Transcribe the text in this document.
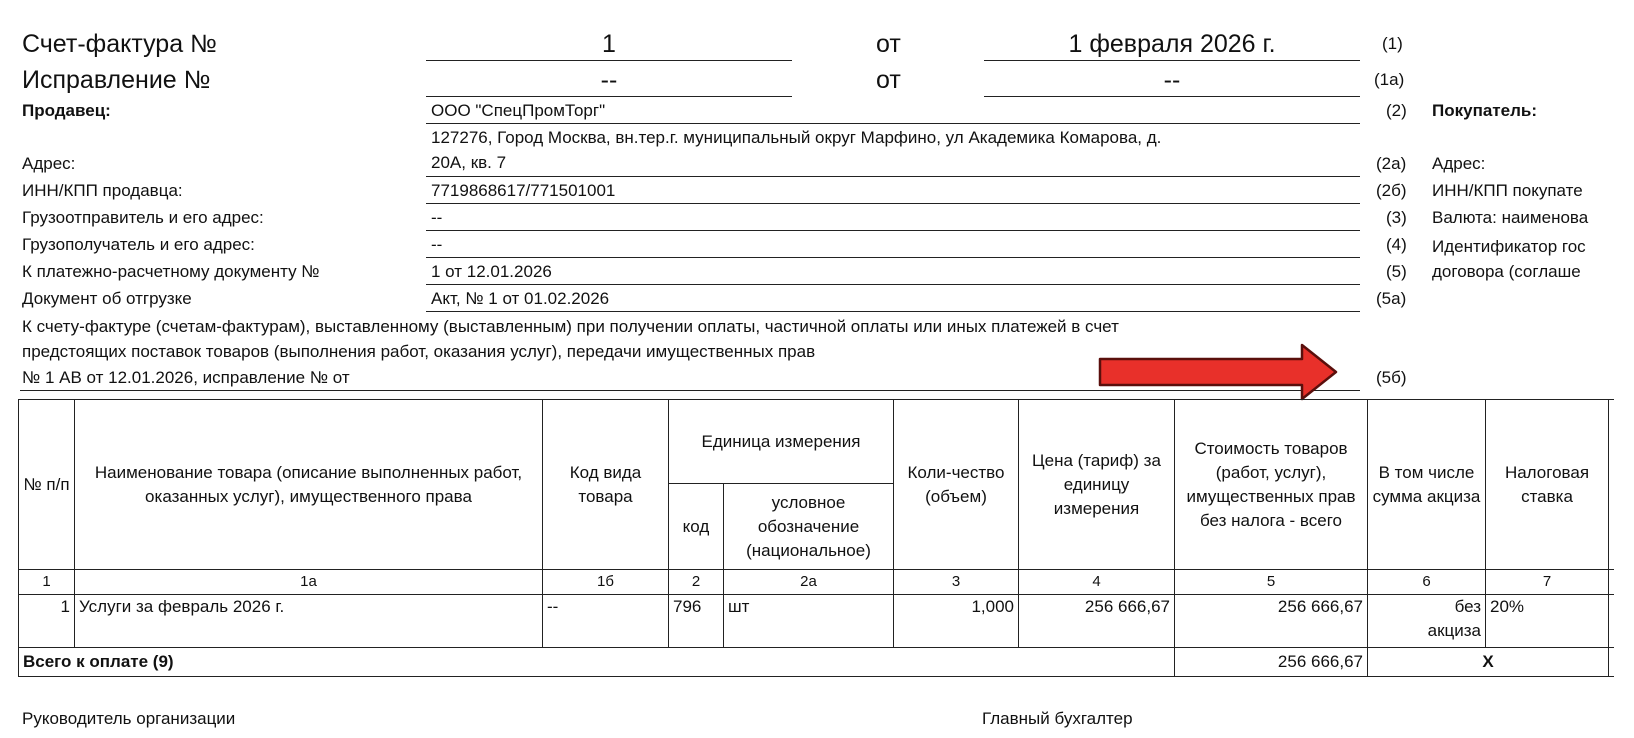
Счет-фактура №	1	от	1 февраля 2026 г.	(1)
Исправление №	--	от	--	(1а)
Продавец:	ООО "СпецПромТорг"	(2)
Адрес:
127276, Город Москва, вн.тер.г. муниципальный округ Марфино, ул Академика Комарова, д.
20А, кв. 7	(2а)
ИНН/КПП продавца:	7719868617/771501001	(2б)
Грузоотправитель и его адрес:	--	(3)
Грузополучатель и его адрес:	--	(4)
К платежно-расчетному документу №	1 от 12.01.2026	(5)
Документ об отгрузке	Акт, № 1 от 01.02.2026	(5а)
К счету-фактуре (счетам-фактурам), выставленному (выставленным) при получении оплаты, частичной оплаты или иных платежей в счет
предстоящих поставок товаров (выполнения работ, оказания услуг), передачи имущественных прав
№ 1 АВ от 12.01.2026, исправление № от	(5б)
Покупатель:
Адрес:
ИНН/КПП покупате
Валюта: наименова
Идентификатор гос
договора (соглаше
№ п/п	Наименование товара (описание выполненных работ, оказанных услуг), имущественного права	Код вида товара	Единица измерения		Коли-чество (объем)	Цена (тариф) за единицу измерения	Стоимость товаров (работ, услуг), имущественных прав без налога - всего	В том числе сумма акциза	Налоговая ставка	
			код	условное обозначение (национальное)						
1	1а	1б	2	2а	3	4	5	6	7	
1	Услуги за февраль 2026 г.	--	796	шт	1,000	256 666,67	256 666,67	без акциза	20%	
Всего к оплате (9)							256 666,67	Х		
Руководитель организации	Главный бухгалтер
